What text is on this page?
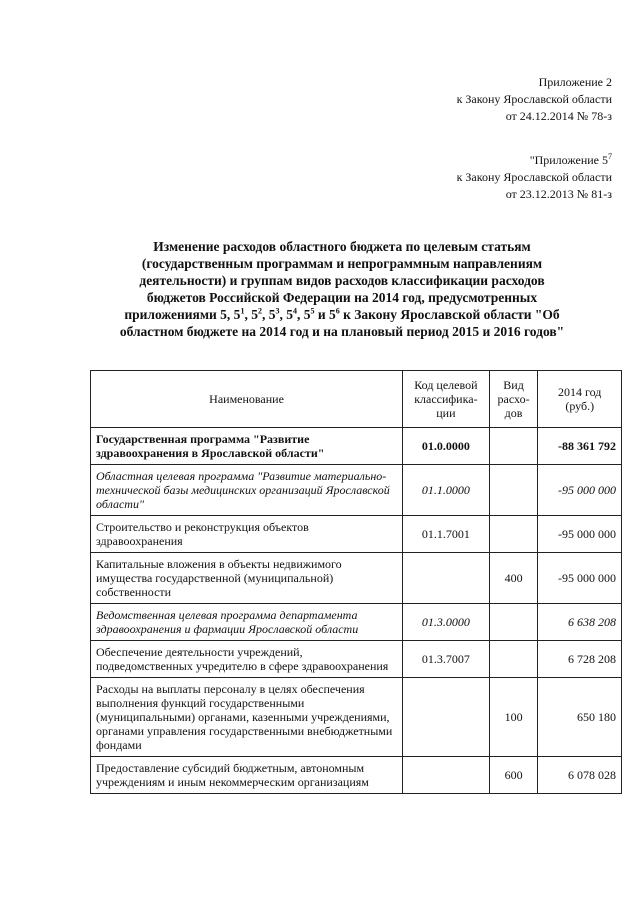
Приложение 2
к Закону Ярославской области
от 24.12.2014 № 78-з
"Приложение $5^7$
к Закону Ярославской области
от 23.12.2013 № 81-з
Изменение расходов областного бюджета по целевым статьям
(государственным программам и непрограммным направлениям
деятельности) и группам видов расходов классификации расходов
бюджетов Российской Федерации на 2014 год, предусмотренных
приложениями 5, $5^1$, $5^2$, $5^3$, $5^4$, $5^5$ и $5^6$ к Закону Ярославской области "Об
областном бюджете на 2014 год и на плановый период 2015 и 2016 годов"
Наименование	Код целевой классифика-ции	Вид расхо-дов	2014 год (руб.)
Государственная программа "Развитие здравоохранения в Ярославской области"	01.0.0000		-88 361 792
Областная целевая программа "Развитие материально-технической базы медицинских организаций Ярославской области"	01.1.0000		-95 000 000
Строительство и реконструкция объектов здравоохранения	01.1.7001		-95 000 000
Капитальные вложения в объекты недвижимого имущества государственной (муниципальной) собственности		400	-95 000 000
Ведомственная целевая программа департамента здравоохранения и фармации Ярославской области	01.3.0000		6 638 208
Обеспечение деятельности учреждений, подведомственных учредителю в сфере здравоохранения	01.3.7007		6 728 208
Расходы на выплаты персоналу в целях обеспечения выполнения функций государственными (муниципальными) органами, казенными учреждениями, органами управления государственными внебюджетными фондами		100	650 180
Предоставление субсидий бюджетным, автономным учреждениям и иным некоммерческим организациям		600	6 078 028
